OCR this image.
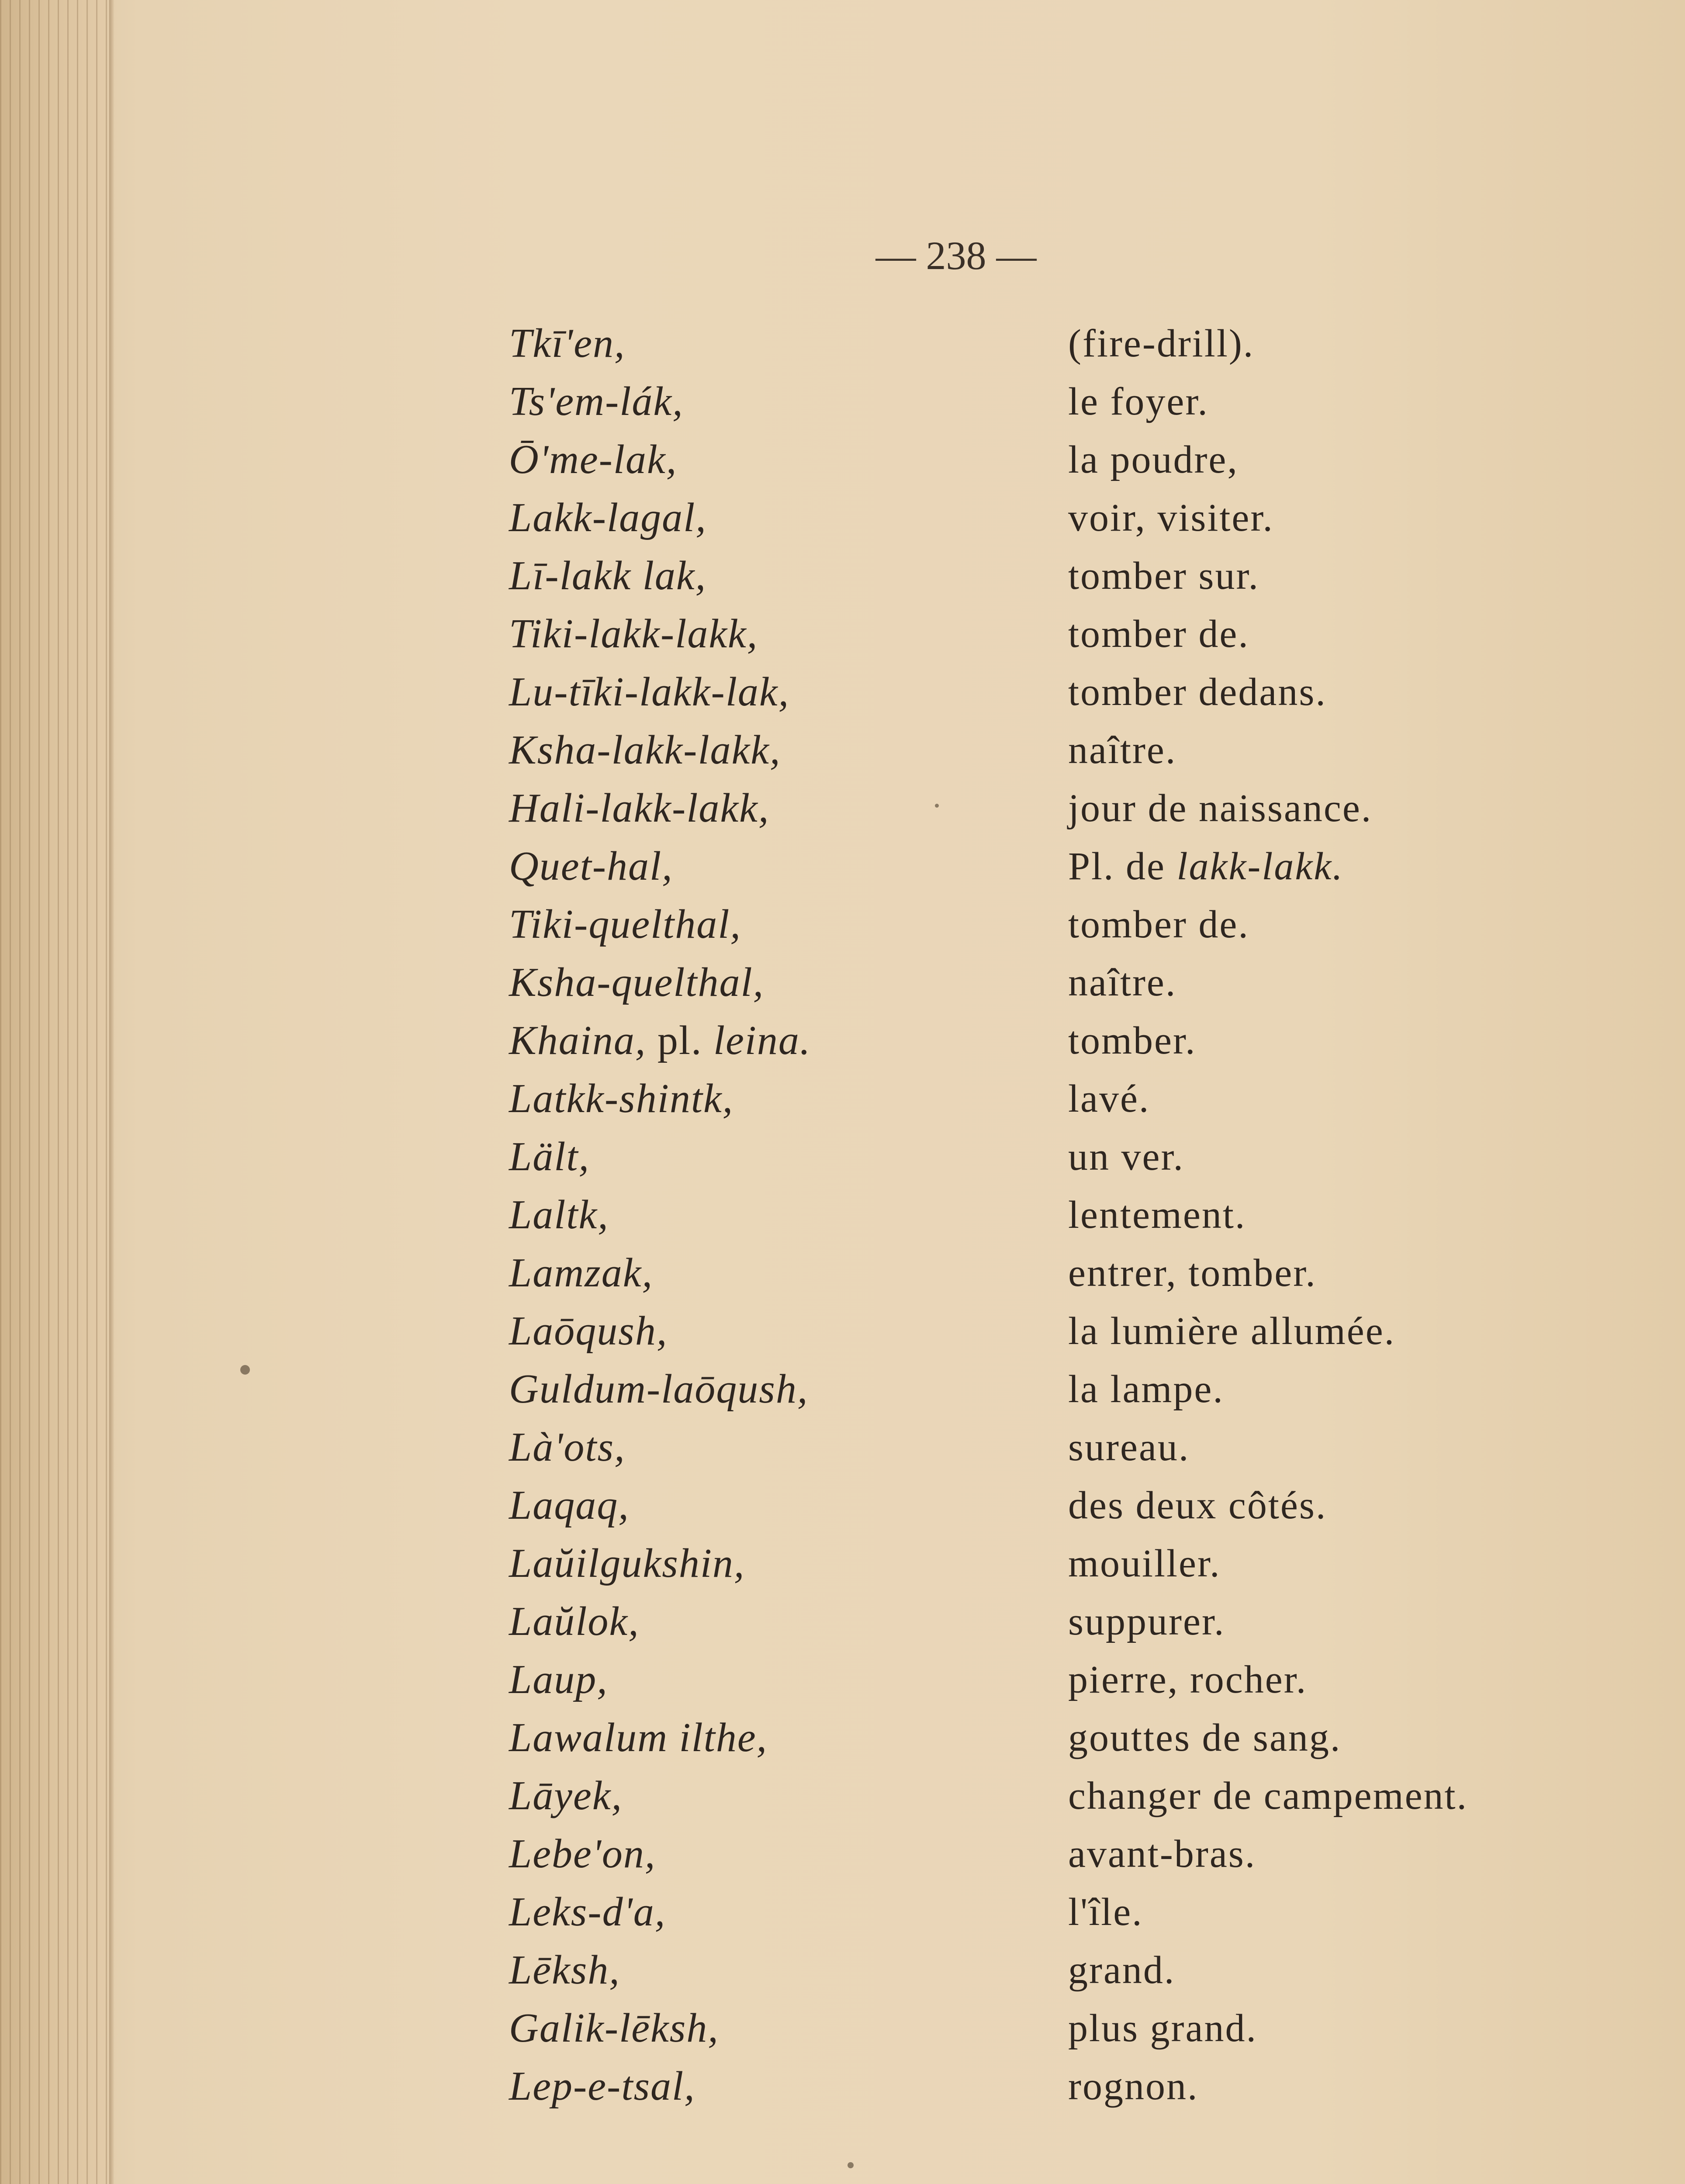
— 238 —
Tkī'en,	(fire-drill).
Ts'em-lák,	le foyer.
Ō'me-lak,	la poudre,
Lakk-lagal,	voir, visiter.
Lī-lakk lak,	tomber sur.
Tiki-lakk-lakk,	tomber de.
Lu-tīki-lakk-lak,	tomber dedans.
Ksha-lakk-lakk,	naître.
Hali-lakk-lakk,	jour de naissance.
Quet-hal,	Pl. de lakk-lakk.
Tiki-quelthal,	tomber de.
Ksha-quelthal,	naître.
Khaina, pl. leina.	tomber.
Latkk-shintk,	lavé.
Lält,	un ver.
Laltk,	lentement.
Lamzak,	entrer, tomber.
Laōqush,	la lumière allumée.
Guldum-laōqush,	la lampe.
Là'ots,	sureau.
Laqaq,	des deux côtés.
Laŭilgukshin,	mouiller.
Laŭlok,	suppurer.
Laup,	pierre, rocher.
Lawalum ilthe,	gouttes de sang.
Lāyek,	changer de campement.
Lebe'on,	avant-bras.
Leks-d'a,	l'île.
Lēksh,	grand.
Galik-lēksh,	plus grand.
Lep-e-tsal,	rognon.
